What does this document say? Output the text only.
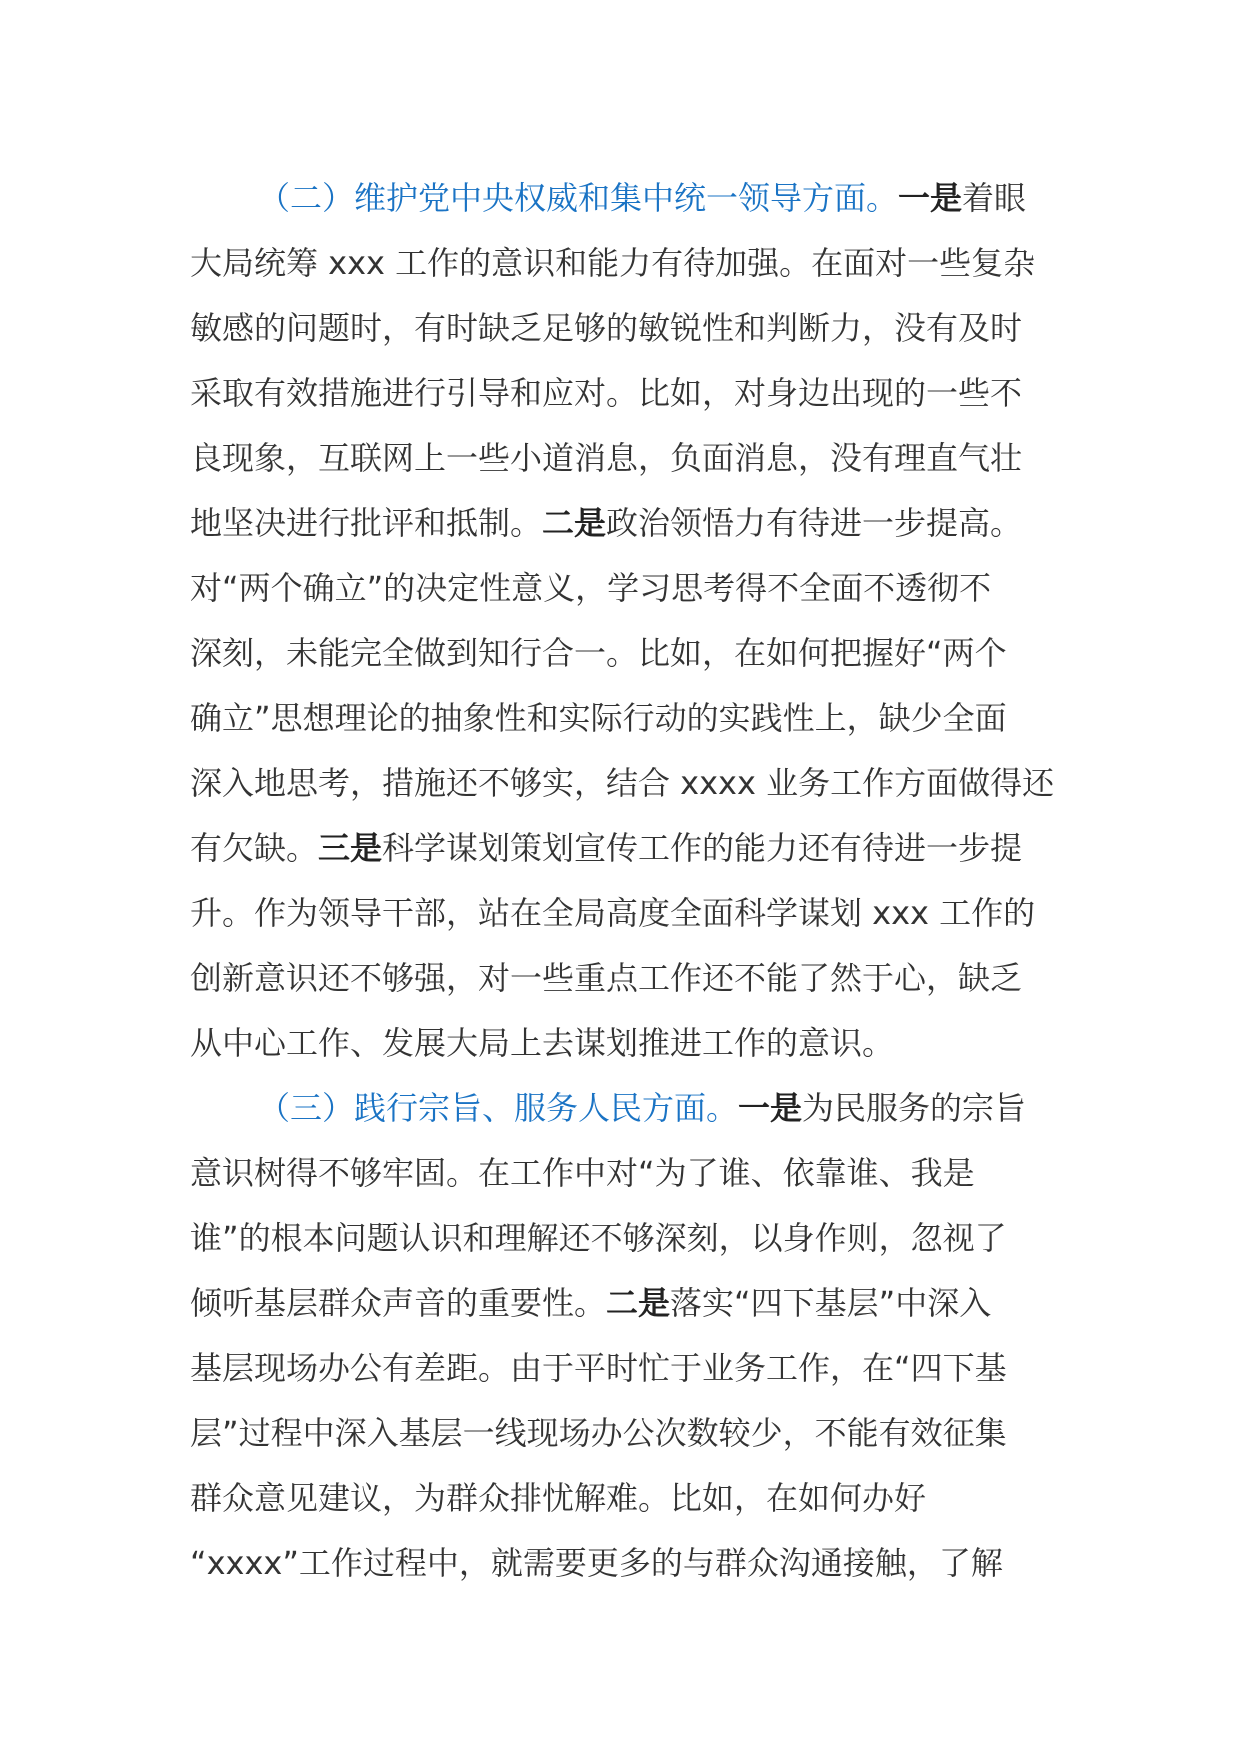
（二）维护党中央权威和集中统一领导方面。一是着眼
大局统筹 xxx 工作的意识和能力有待加强。在面对一些复杂
敏感的问题时，有时缺乏足够的敏锐性和判断力，没有及时
采取有效措施进行引导和应对。比如，对身边出现的一些不
良现象，互联网上一些小道消息，负面消息，没有理直气壮
地坚决进行批评和抵制。二是政治领悟力有待进一步提高。
对“两个确立”的决定性意义，学习思考得不全面不透彻不
深刻，未能完全做到知行合一。比如，在如何把握好“两个
确立”思想理论的抽象性和实际行动的实践性上，缺少全面
深入地思考，措施还不够实，结合 xxxx 业务工作方面做得还
有欠缺。三是科学谋划策划宣传工作的能力还有待进一步提
升。作为领导干部，站在全局高度全面科学谋划 xxx 工作的
创新意识还不够强，对一些重点工作还不能了然于心，缺乏
从中心工作、发展大局上去谋划推进工作的意识。
（三）践行宗旨、服务人民方面。一是为民服务的宗旨
意识树得不够牢固。在工作中对“为了谁、依靠谁、我是
谁”的根本问题认识和理解还不够深刻，以身作则，忽视了
倾听基层群众声音的重要性。二是落实“四下基层”中深入
基层现场办公有差距。由于平时忙于业务工作，在“四下基
层”过程中深入基层一线现场办公次数较少，不能有效征集
群众意见建议，为群众排忧解难。比如，在如何办好
“xxxx”工作过程中，就需要更多的与群众沟通接触，了解
